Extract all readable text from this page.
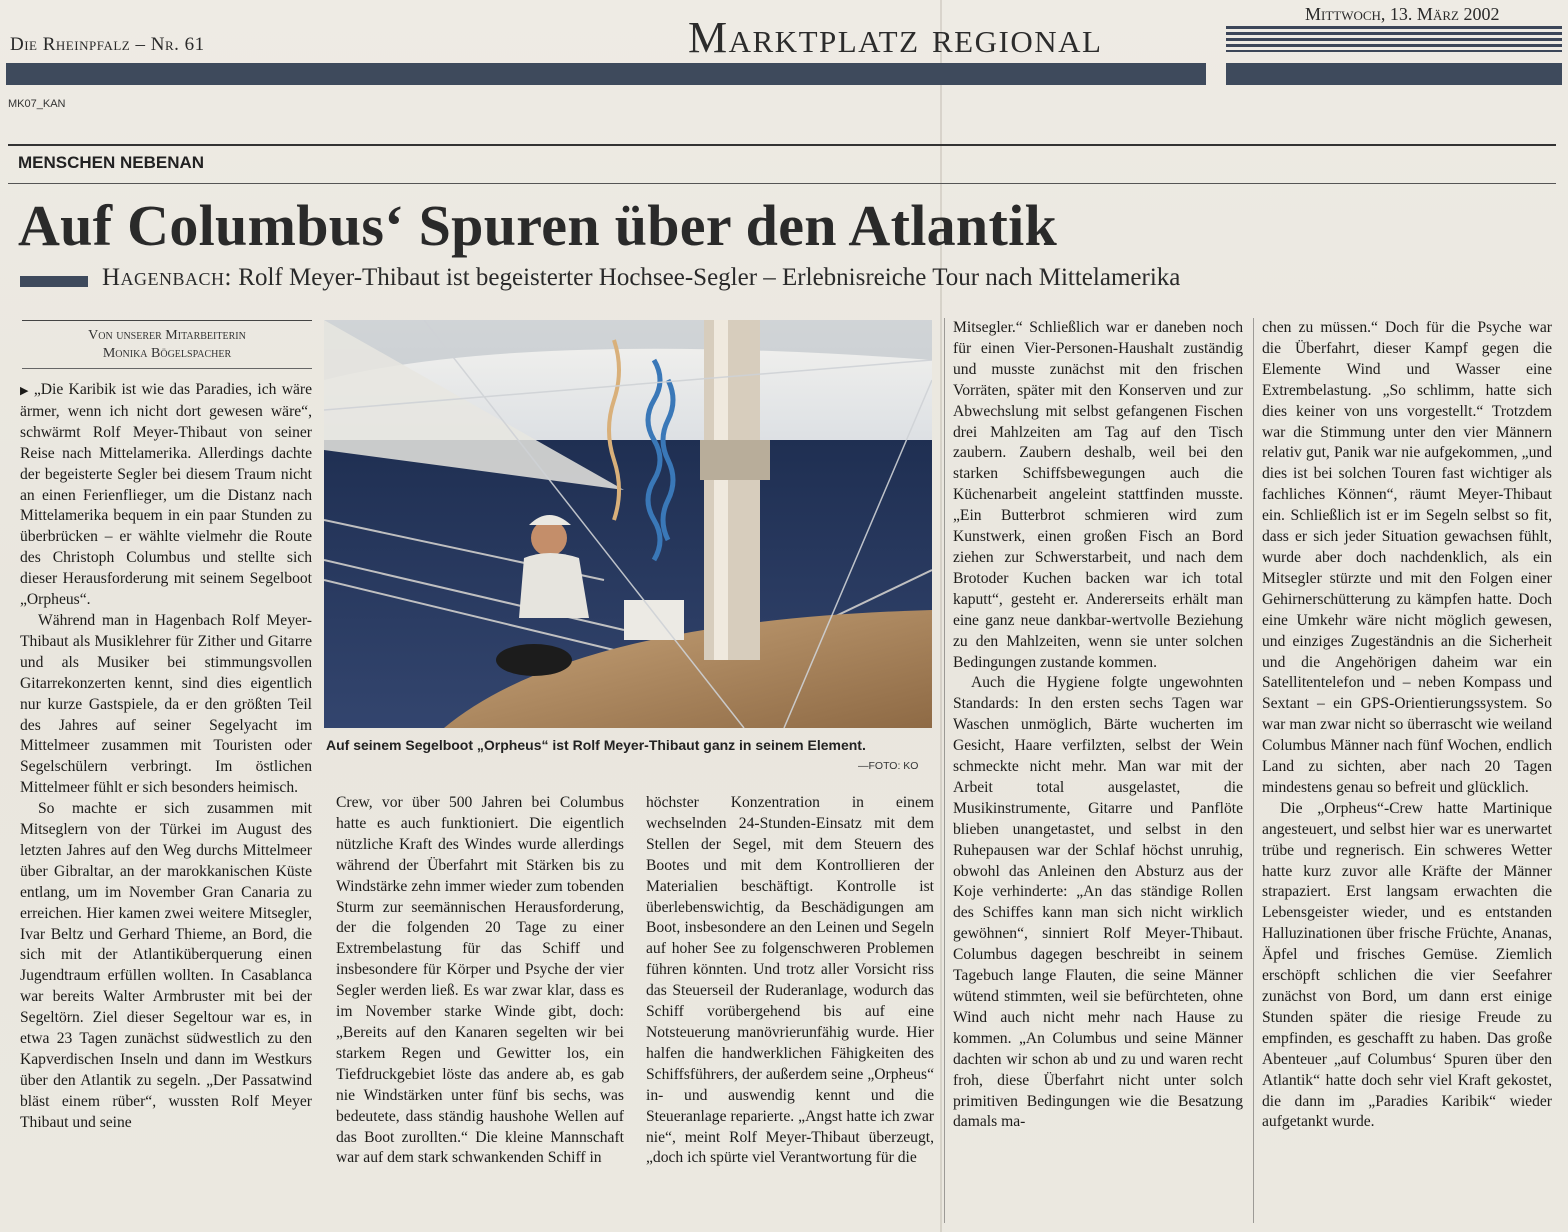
Die Rheinpfalz – Nr. 61	Marktplatz regional	Mittwoch, 13. März 2002
MK07_KAN
MENSCHEN NEBENAN
Auf Columbus‘ Spuren über den Atlantik
Hagenbach: Rolf Meyer-Thibaut ist begeisterter Hochsee-Segler – Erlebnisreiche Tour nach Mittelamerika
Von unserer Mitarbeiterin
Monika Bögelspacher

▶ „Die Karibik ist wie das Paradies, ich wäre ärmer, wenn ich nicht dort gewesen wäre“, schwärmt Rolf Meyer-Thibaut von seiner Reise nach Mittelamerika. Allerdings dachte der begeisterte Segler bei diesem Traum nicht an einen Ferienflieger, um die Distanz nach Mittelamerika bequem in ein paar Stunden zu überbrücken – er wählte vielmehr die Route des Christoph Columbus und stellte sich dieser Herausforderung mit seinem Segelboot „Orpheus“.

Während man in Hagenbach Rolf Meyer-Thibaut als Musiklehrer für Zither und Gitarre und als Musiker bei stimmungsvollen Gitarrekonzerten kennt, sind dies eigentlich nur kurze Gastspiele, da er den größten Teil des Jahres auf seiner Segelyacht im Mittelmeer zusammen mit Touristen oder Segelschülern verbringt. Im östlichen Mittelmeer fühlt er sich besonders heimisch.

So machte er sich zusammen mit Mitseglern von der Türkei im August des letzten Jahres auf den Weg durchs Mittelmeer über Gibraltar, an der marokkanischen Küste entlang, um im November Gran Canaria zu erreichen. Hier kamen zwei weitere Mitsegler, Ivar Beltz und Gerhard Thieme, an Bord, die sich mit der Atlantiküberquerung einen Jugendtraum erfüllen wollten. In Casablanca war bereits Walter Armbruster mit bei der Segeltörn. Ziel dieser Segeltour war es, in etwa 23 Tagen zunächst südwestlich zu den Kapverdischen Inseln und dann im Westkurs über den Atlantik zu segeln. „Der Passatwind bläst einem rüber“, wussten Rolf Meyer Thibaut und seine

Auf seinem Segelboot „Orpheus“ ist Rolf Meyer-Thibaut ganz in seinem Element.
—FOTO: KO

Crew, vor über 500 Jahren bei Columbus hatte es auch funktioniert. Die eigentlich nützliche Kraft des Windes wurde allerdings während der Überfahrt mit Stärken bis zu Windstärke zehn immer wieder zum tobenden Sturm zur seemännischen Herausforderung, der die folgenden 20 Tage zu einer Extrembelastung für das Schiff und insbesondere für Körper und Psyche der vier Segler werden ließ. Es war zwar klar, dass es im November starke Winde gibt, doch: „Bereits auf den Kanaren segelten wir bei starkem Regen und Gewitter los, ein Tiefdruckgebiet löste das andere ab, es gab nie Windstärken unter fünf bis sechs, was bedeutete, dass ständig haushohe Wellen auf das Boot zurollten.“ Die kleine Mannschaft war auf dem stark schwankenden Schiff in

höchster Konzentration in einem wechselnden 24-Stunden-Einsatz mit dem Stellen der Segel, mit dem Steuern des Bootes und mit dem Kontrollieren der Materialien beschäftigt. Kontrolle ist überlebenswichtig, da Beschädigungen am Boot, insbesondere an den Leinen und Segeln auf hoher See zu folgenschweren Problemen führen könnten. Und trotz aller Vorsicht riss das Steuerseil der Ruderanlage, wodurch das Schiff vorübergehend bis auf eine Notsteuerung manövrierunfähig wurde. Hier halfen die handwerklichen Fähigkeiten des Schiffsführers, der außerdem seine „Orpheus“ in- und auswendig kennt und die Steueranlage reparierte. „Angst hatte ich zwar nie“, meint Rolf Meyer-Thibaut überzeugt, „doch ich spürte viel Verantwortung für die

Mitsegler.“ Schließlich war er daneben noch für einen Vier-Personen-Haushalt zuständig und musste zunächst mit den frischen Vorräten, später mit den Konserven und zur Abwechslung mit selbst gefangenen Fischen drei Mahlzeiten am Tag auf den Tisch zaubern. Zaubern deshalb, weil bei den starken Schiffsbewegungen auch die Küchenarbeit angeleint stattfinden musste. „Ein Butterbrot schmieren wird zum Kunstwerk, einen großen Fisch an Bord ziehen zur Schwerstarbeit, und nach dem Brotoder Kuchen backen war ich total kaputt“, gesteht er. Andererseits erhält man eine ganz neue dankbar-wertvolle Beziehung zu den Mahlzeiten, wenn sie unter solchen Bedingungen zustande kommen.

Auch die Hygiene folgte ungewohnten Standards: In den ersten sechs Tagen war Waschen unmöglich, Bärte wucherten im Gesicht, Haare verfilzten, selbst der Wein schmeckte nicht mehr. Man war mit der Arbeit total ausgelastet, die Musikinstrumente, Gitarre und Panflöte blieben unangetastet, und selbst in den Ruhepausen war der Schlaf höchst unruhig, obwohl das Anleinen den Absturz aus der Koje verhinderte: „An das ständige Rollen des Schiffes kann man sich nicht wirklich gewöhnen“, sinniert Rolf Meyer-Thibaut. Columbus dagegen beschreibt in seinem Tagebuch lange Flauten, die seine Männer wütend stimmten, weil sie befürchteten, ohne Wind auch nicht mehr nach Hause zu kommen. „An Columbus und seine Männer dachten wir schon ab und zu und waren recht froh, diese Überfahrt nicht unter solch primitiven Bedingungen wie die Besatzung damals ma-

chen zu müssen.“ Doch für die Psyche war die Überfahrt, dieser Kampf gegen die Elemente Wind und Wasser eine Extrembelastung. „So schlimm, hatte sich dies keiner von uns vorgestellt.“ Trotzdem war die Stimmung unter den vier Männern relativ gut, Panik war nie aufgekommen, „und dies ist bei solchen Touren fast wichtiger als fachliches Können“, räumt Meyer-Thibaut ein. Schließlich ist er im Segeln selbst so fit, dass er sich jeder Situation gewachsen fühlt, wurde aber doch nachdenklich, als ein Mitsegler stürzte und mit den Folgen einer Gehirnerschütterung zu kämpfen hatte. Doch eine Umkehr wäre nicht möglich gewesen, und einziges Zugeständnis an die Sicherheit und die Angehörigen daheim war ein Satellitentelefon und – neben Kompass und Sextant – ein GPS-Orientierungssystem. So war man zwar nicht so überrascht wie weiland Columbus Männer nach fünf Wochen, endlich Land zu sichten, aber nach 20 Tagen mindestens genau so befreit und glücklich.

Die „Orpheus“-Crew hatte Martinique angesteuert, und selbst hier war es unerwartet trübe und regnerisch. Ein schweres Wetter hatte kurz zuvor alle Kräfte der Männer strapaziert. Erst langsam erwachten die Lebensgeister wieder, und es entstanden Halluzinationen über frische Früchte, Ananas, Äpfel und frisches Gemüse. Ziemlich erschöpft schlichen die vier Seefahrer zunächst von Bord, um dann erst einige Stunden später die riesige Freude zu empfinden, es geschafft zu haben. Das große Abenteuer „auf Columbus‘ Spuren über den Atlantik“ hatte doch sehr viel Kraft gekostet, die dann im „Paradies Karibik“ wieder aufgetankt wurde.
